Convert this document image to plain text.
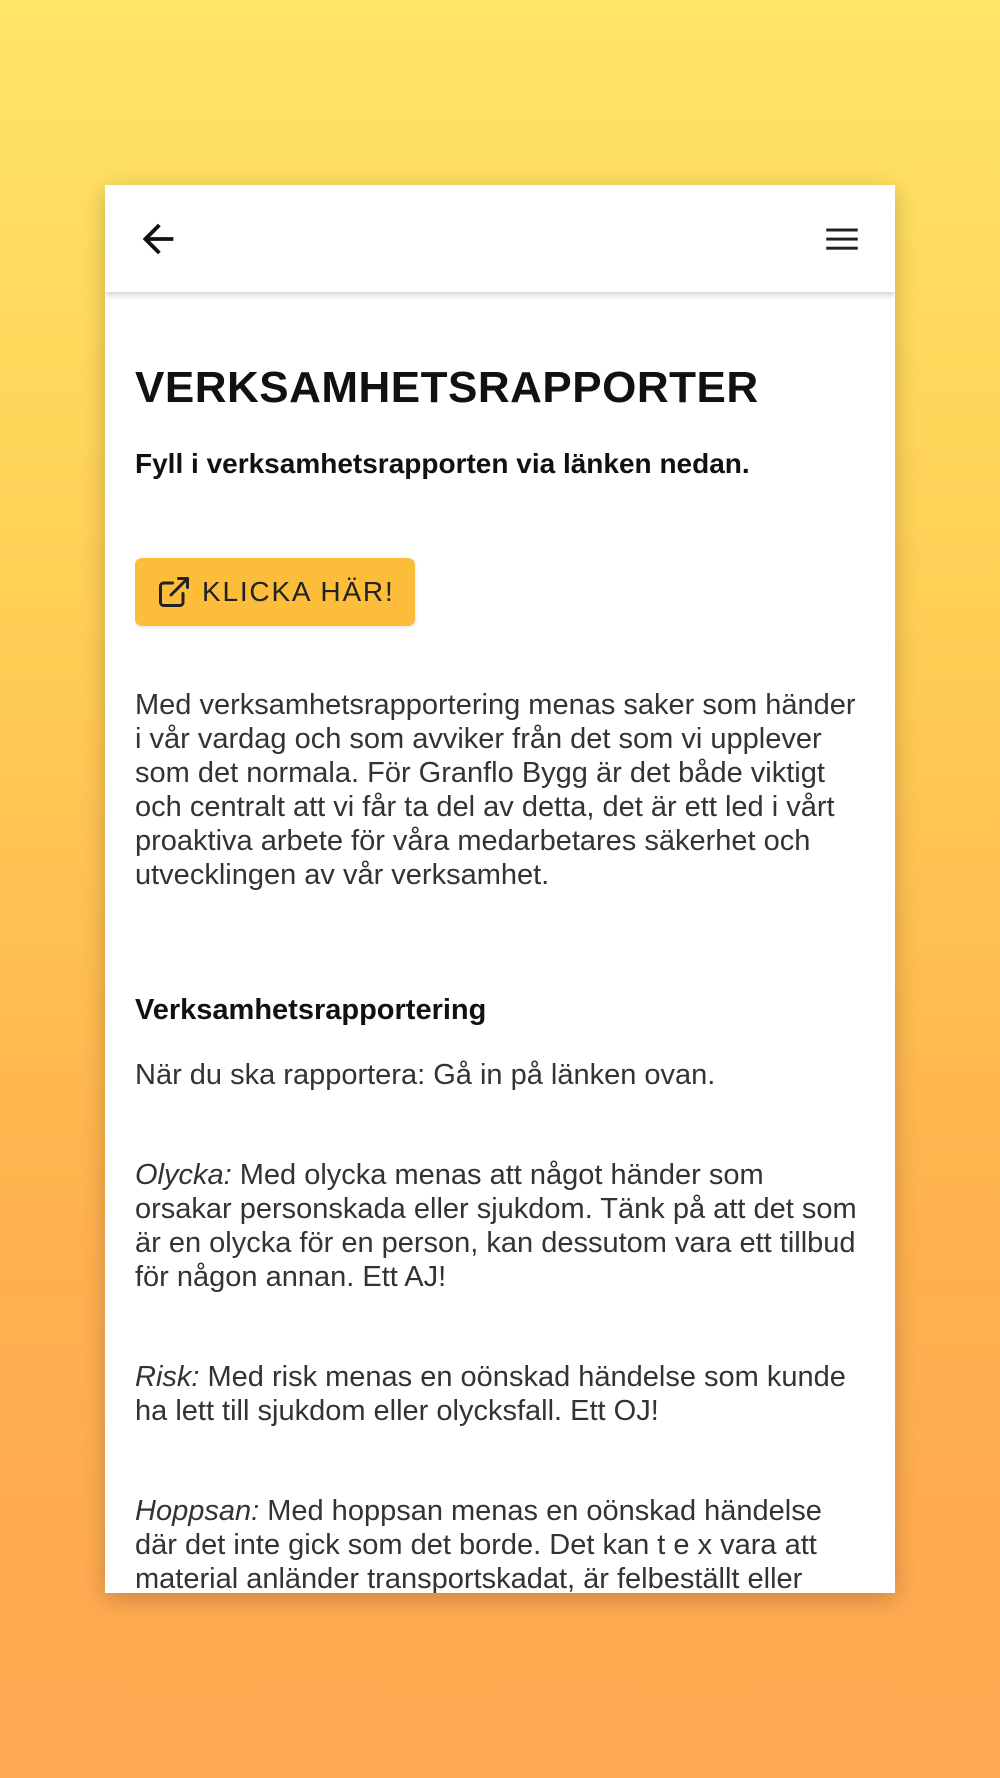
VERKSAMHETSRAPPORTER

Fyll i verksamhetsrapporten via länken nedan.

KLICKA HÄR!

Med verksamhetsrapportering menas saker som händer i vår vardag och som avviker från det som vi upplever som det normala. För Granflo Bygg är det både viktigt och centralt att vi får ta del av detta, det är ett led i vårt proaktiva arbete för våra medarbetares säkerhet och utvecklingen av vår verksamhet.

Verksamhetsrapportering

När du ska rapportera: Gå in på länken ovan.

Olycka: Med olycka menas att något händer som orsakar personskada eller sjukdom. Tänk på att det som är en olycka för en person, kan dessutom vara ett tillbud för någon annan. Ett AJ!

Risk: Med risk menas en oönskad händelse som kunde ha lett till sjukdom eller olycksfall. Ett OJ!

Hoppsan: Med hoppsan menas en oönskad händelse där det inte gick som det borde. Det kan t e x vara att material anländer transportskadat, är felbeställt eller
